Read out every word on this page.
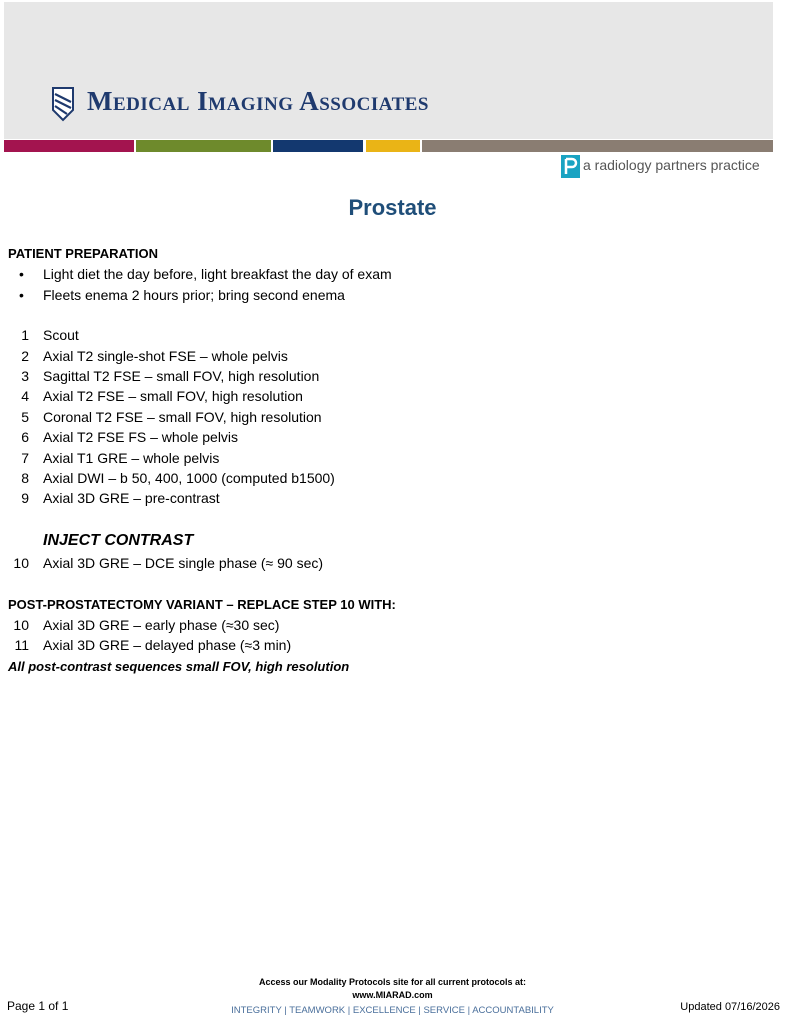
Medical Imaging Associates
a radiology partners practice
Prostate
PATIENT PREPARATION
• Light diet the day before, light breakfast the day of exam
• Fleets enema 2 hours prior; bring second enema
1 Scout
2 Axial T2 single-shot FSE – whole pelvis
3 Sagittal T2 FSE – small FOV, high resolution
4 Axial T2 FSE – small FOV, high resolution
5 Coronal T2 FSE – small FOV, high resolution
6 Axial T2 FSE FS – whole pelvis
7 Axial T1 GRE – whole pelvis
8 Axial DWI – b 50, 400, 1000 (computed b1500)
9 Axial 3D GRE – pre-contrast
INJECT CONTRAST
10 Axial 3D GRE – DCE single phase (≈ 90 sec)
POST-PROSTATECTOMY VARIANT – REPLACE STEP 10 WITH:
10 Axial 3D GRE – early phase (≈30 sec)
11 Axial 3D GRE – delayed phase (≈3 min)
All post-contrast sequences small FOV, high resolution
Access our Modality Protocols site for all current protocols at:
www.MIARAD.com
INTEGRITY | TEAMWORK | EXCELLENCE | SERVICE | ACCOUNTABILITY
Page 1 of 1	Updated 07/16/2026
